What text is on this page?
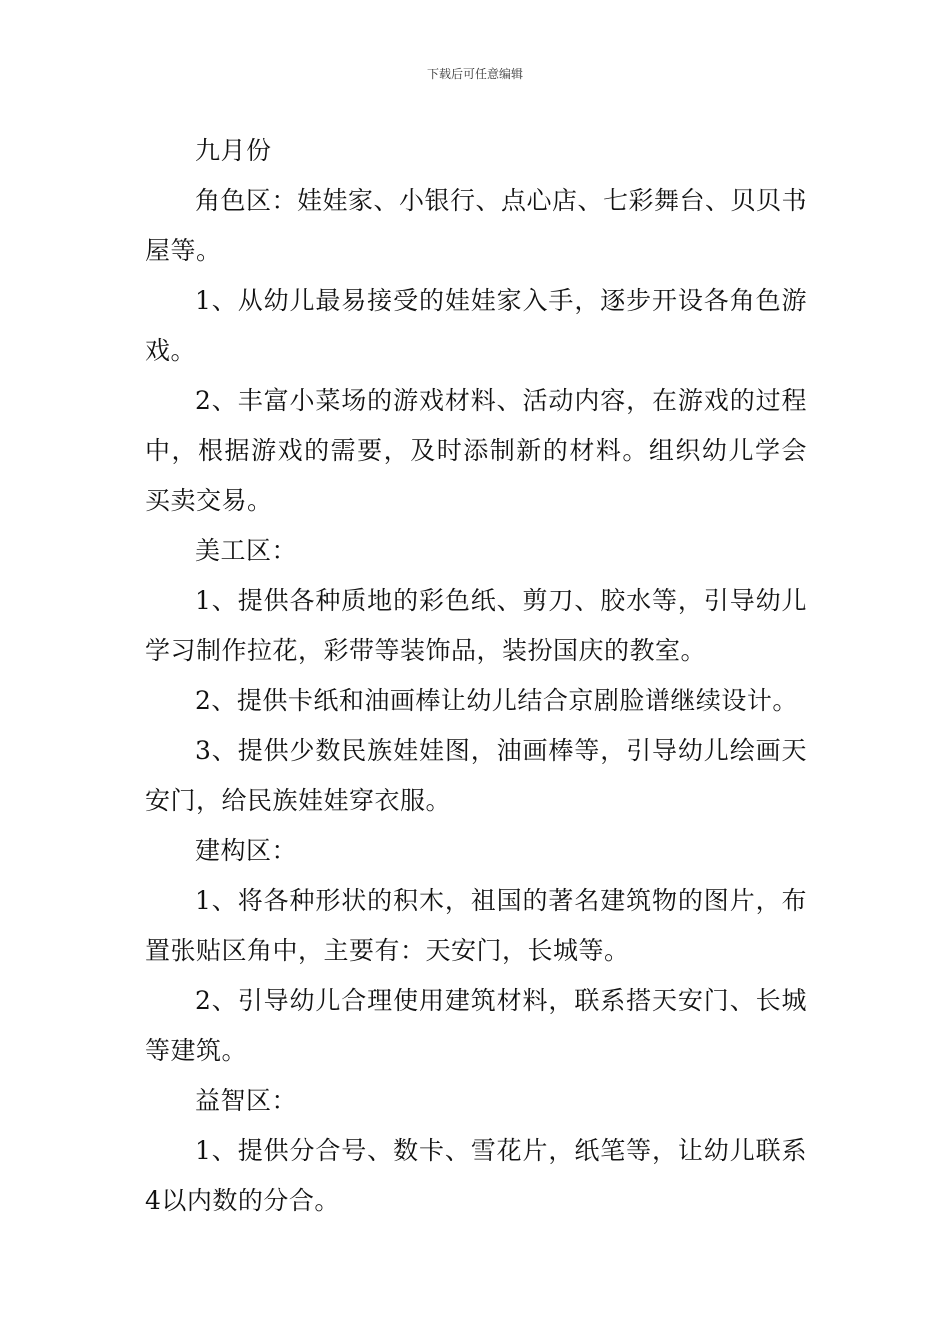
下载后可任意编辑

九月份

角色区：娃娃家、小银行、点心店、七彩舞台、贝贝书屋等。

1、从幼儿最易接受的娃娃家入手，逐步开设各角色游戏。

2、丰富小菜场的游戏材料、活动内容，在游戏的过程中，根据游戏的需要，及时添制新的材料。组织幼儿学会买卖交易。

美工区：

1、提供各种质地的彩色纸、剪刀、胶水等，引导幼儿学习制作拉花，彩带等装饰品，装扮国庆的教室。

2、提供卡纸和油画棒让幼儿结合京剧脸谱继续设计。

3、提供少数民族娃娃图，油画棒等，引导幼儿绘画天安门，给民族娃娃穿衣服。

建构区：

1、将各种形状的积木，祖国的著名建筑物的图片，布置张贴区角中，主要有：天安门，长城等。

2、引导幼儿合理使用建筑材料，联系搭天安门、长城等建筑。

益智区：

1、提供分合号、数卡、雪花片，纸笔等，让幼儿联系4以内数的分合。
